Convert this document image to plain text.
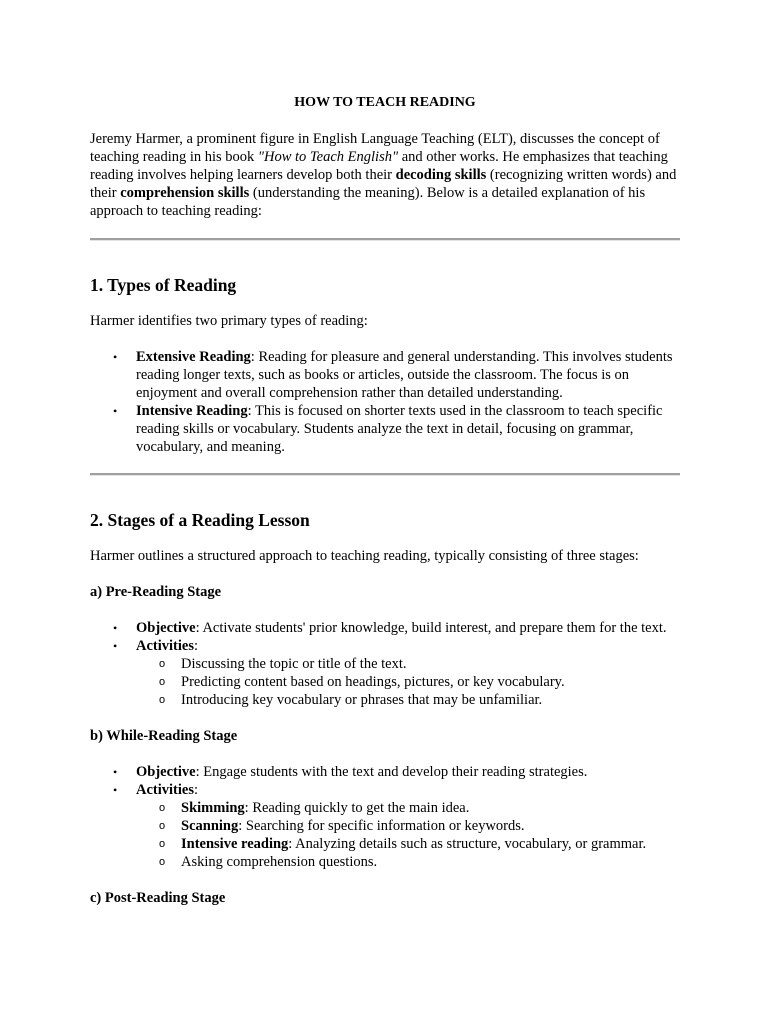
HOW TO TEACH READING

Jeremy Harmer, a prominent figure in English Language Teaching (ELT), discusses the concept of teaching reading in his book "How to Teach English" and other works. He emphasizes that teaching reading involves helping learners develop both their decoding skills (recognizing written words) and their comprehension skills (understanding the meaning). Below is a detailed explanation of his approach to teaching reading:

1. Types of Reading

Harmer identifies two primary types of reading:

• Extensive Reading: Reading for pleasure and general understanding. This involves students reading longer texts, such as books or articles, outside the classroom. The focus is on enjoyment and overall comprehension rather than detailed understanding.
• Intensive Reading: This is focused on shorter texts used in the classroom to teach specific reading skills or vocabulary. Students analyze the text in detail, focusing on grammar, vocabulary, and meaning.
2. Stages of a Reading Lesson

Harmer outlines a structured approach to teaching reading, typically consisting of three stages:

a) Pre-Reading Stage
• Objective: Activate students' prior knowledge, build interest, and prepare them for the text.
• Activities:
o Discussing the topic or title of the text.
o Predicting content based on headings, pictures, or key vocabulary.
o Introducing key vocabulary or phrases that may be unfamiliar.
b) While-Reading Stage
• Objective: Engage students with the text and develop their reading strategies.
• Activities:
o Skimming: Reading quickly to get the main idea.
o Scanning: Searching for specific information or keywords.
o Intensive reading: Analyzing details such as structure, vocabulary, or grammar.
o Asking comprehension questions.
c) Post-Reading Stage
